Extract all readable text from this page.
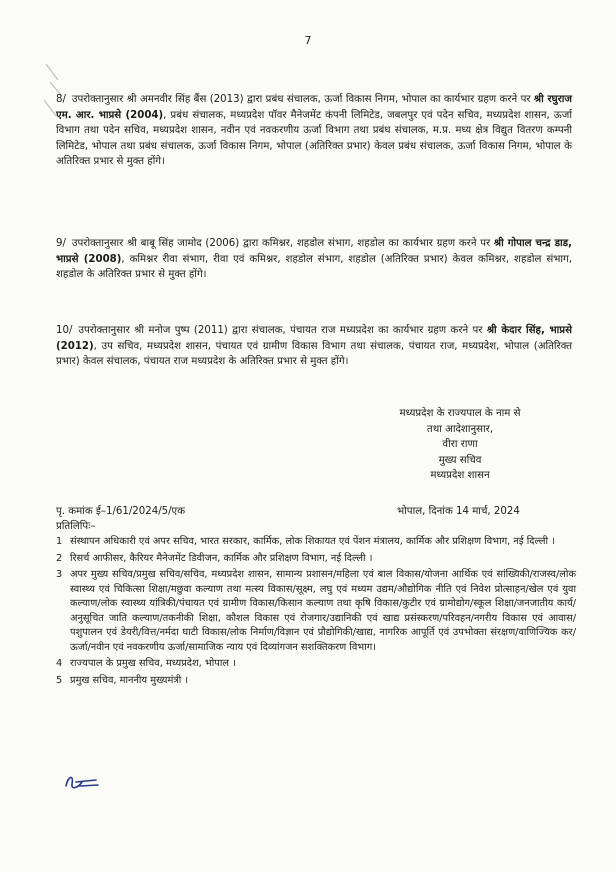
7
8/ उपरोक्तानुसार श्री अमनवीर सिंह बैंस (2013) द्वारा प्रबंध संचालक, ऊर्जा विकास निगम, भोपाल का कार्यभार ग्रहण करने पर श्री रघुराज एम. आर. भाप्रसे (2004), प्रबंध संचालक, मध्यप्रदेश पॉवर मैनेजमेंट कंपनी लिमिटेड, जबलपुर एवं पदेन सचिव, मध्यप्रदेश शासन, ऊर्जा विभाग तथा पदेन सचिव, मध्यप्रदेश शासन, नवीन एवं नवकरणीय ऊर्जा विभाग तथा प्रबंध संचालक, म.प्र. मध्य क्षेत्र विद्युत वितरण कम्पनी लिमिटेड, भोपाल तथा प्रबंध संचालक, ऊर्जा विकास निगम, भोपाल (अतिरिक्त प्रभार) केवल प्रबंध संचालक, ऊर्जा विकास निगम, भोपाल के अतिरिक्त प्रभार से मुक्त होंगे।
9/ उपरोक्तानुसार श्री बाबू सिंह जामोद (2006) द्वारा कमिश्नर, शहडोल संभाग, शहडोल का कार्यभार ग्रहण करने पर श्री गोपाल चन्द्र डाड, भाप्रसे (2008), कमिश्नर रीवा संभाग, रीवा एवं कमिश्नर, शहडोल संभाग, शहडोल (अतिरिक्त प्रभार) केवल कमिश्नर, शहडोल संभाग, शहडोल के अतिरिक्त प्रभार से मुक्त होंगे।
10/ उपरोक्तानुसार श्री मनोज पुष्प (2011) द्वारा संचालक, पंचायत राज मध्यप्रदेश का कार्यभार ग्रहण करने पर श्री केदार सिंह, भाप्रसे (2012), उप सचिव, मध्यप्रदेश शासन, पंचायत एवं ग्रामीण विकास विभाग तथा संचालक, पंचायत राज, मध्यप्रदेश, भोपाल (अतिरिक्त प्रभार) केवल संचालक, पंचायत राज मध्यप्रदेश के अतिरिक्त प्रभार से मुक्त होंगे।
मध्यप्रदेश के राज्यपाल के नाम से
तथा आदेशानुसार,
वीरा राणा
मुख्य सचिव
मध्यप्रदेश शासन
पृ. कमांक ई–1/61/2024/5/एक	भोपाल, दिनांक 14 मार्च, 2024
प्रतिलिपिः–
1 संस्थापन अधिकारी एवं अपर सचिव, भारत सरकार, कार्मिक, लोक शिकायत एवं पेंशन मंत्रालय, कार्मिक और प्रशिक्षण विभाग, नई दिल्ली ।
2 रिसर्च आफीसर, कैरियर मैनेजमेंट डिवीजन, कार्मिक और प्रशिक्षण विभाग, नई दिल्ली ।
3 अपर मुख्य सचिव/प्रमुख सचिव/सचिव, मध्यप्रदेश शासन, सामान्य प्रशासन/महिला एवं बाल विकास/योजना आर्थिक एवं सांख्यिकी/राजस्व/लोक स्वास्थ्य एवं चिकित्सा शिक्षा/मछुवा कल्याण तथा मत्स्य विकास/सूक्ष्म, लघु एवं मध्यम उद्यम/औद्योगिक नीति एवं निवेश प्रोत्साहन/खेल एवं युवा कल्याण/लोक स्वास्थ्य यांत्रिकी/पंचायत एवं ग्रामीण विकास/किसान कल्याण तथा कृषि विकास/कुटीर एवं ग्रामोद्योग/स्कूल शिक्षा/जनजातीय कार्य/अनुसूचित जाति कल्याण/तकनीकी शिक्षा, कौशल विकास एवं रोजगार/उद्यानिकी एवं खाद्य प्रसंस्करण/परिवहन/नगरीय विकास एवं आवास/पशुपालन एवं डेयरी/वित्त/नर्मदा घाटी विकास/लोक निर्माण/विज्ञान एवं प्रौद्योगिकी/खाद्य, नागरिक आपूर्ति एवं उपभोक्ता संरक्षण/वाणिज्यिक कर/ऊर्जा/नवीन एवं नवकरणीय ऊर्जा/सामाजिक न्याय एवं दिव्यांगजन सशक्तिकरण विभाग।
4 राज्यपाल के प्रमुख सचिव, मध्यप्रदेश, भोपाल ।
5 प्रमुख सचिव, माननीय मुख्यमंत्री ।
